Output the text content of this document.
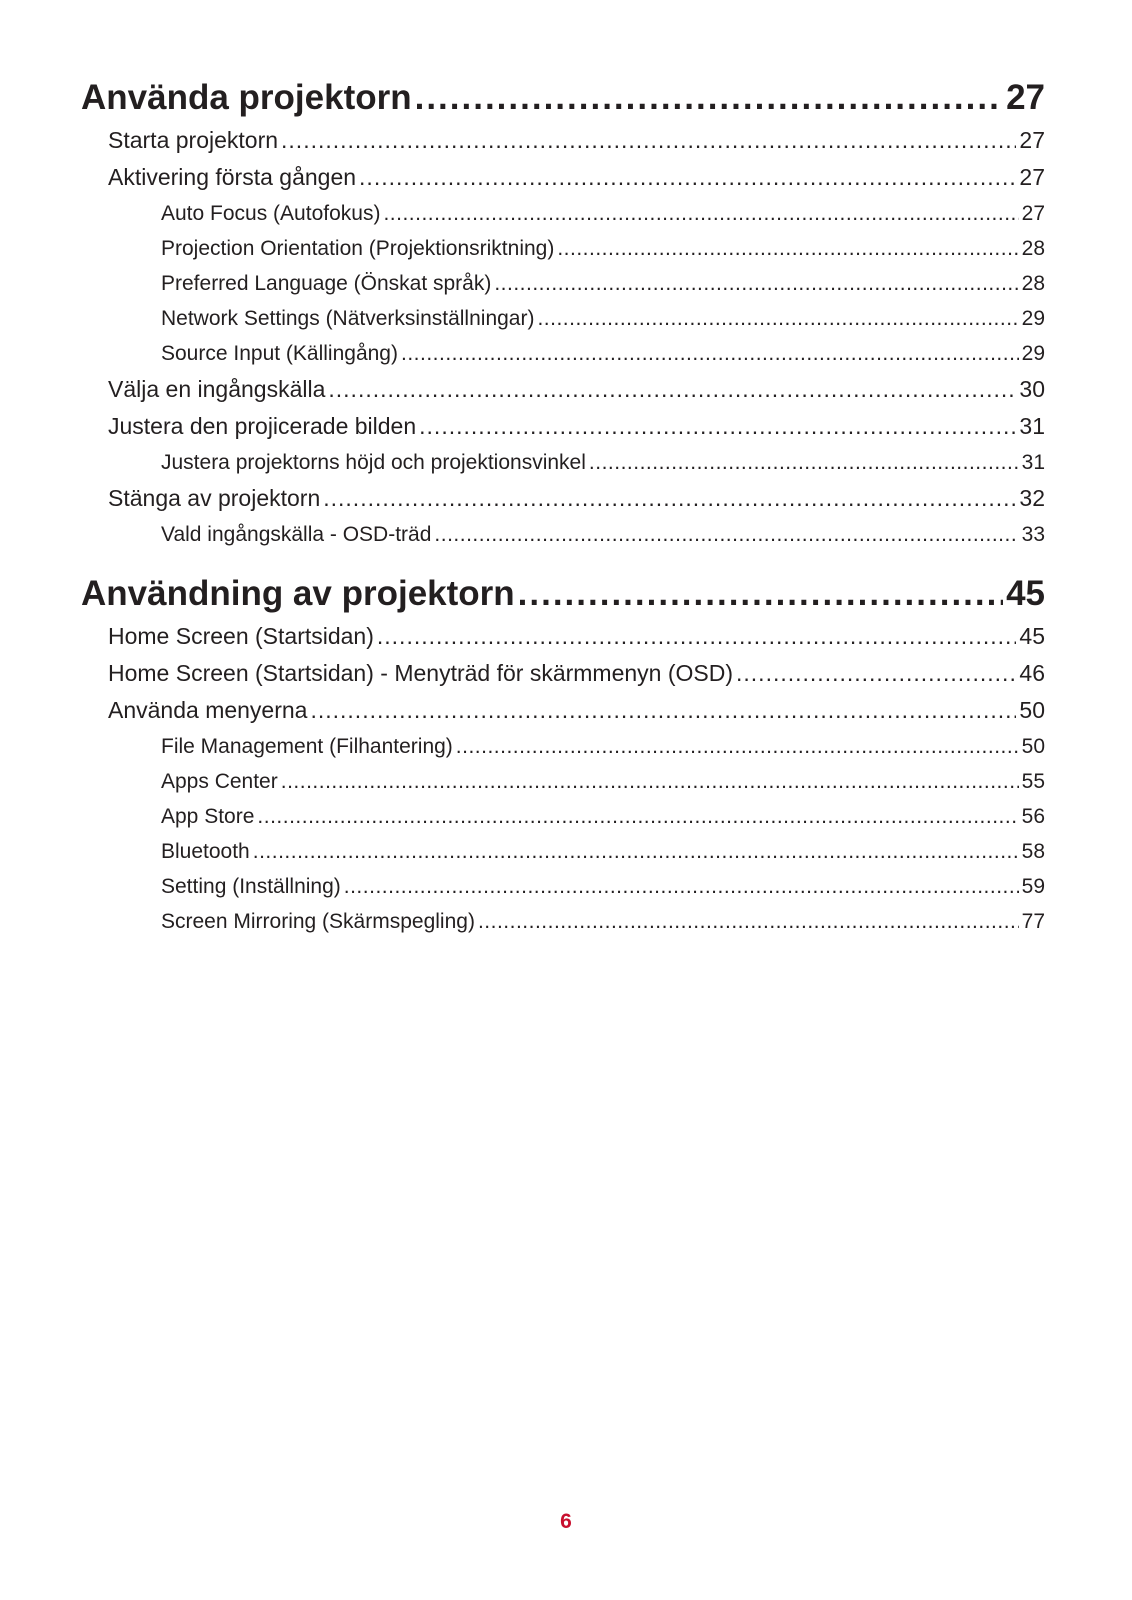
Använda projektorn .....	27
Starta projektorn .....	27
Aktivering första gången .....	27
Auto Focus (Autofokus) .....	27
Projection Orientation (Projektionsriktning) .....	28
Preferred Language (Önskat språk) .....	28
Network Settings (Nätverksinställningar) .....	29
Source Input (Källingång) .....	29
Välja en ingångskälla .....	30
Justera den projicerade bilden .....	31
Justera projektorns höjd och projektionsvinkel .....	31
Stänga av projektorn .....	32
Vald ingångskälla - OSD-träd .....	33
Användning av projektorn .....	45
Home Screen (Startsidan) .....	45
Home Screen (Startsidan) - Menyträd för skärmmenyn (OSD) .....	46
Använda menyerna .....	50
File Management (Filhantering) .....	50
Apps Center .....	55
App Store .....	56
Bluetooth .....	58
Setting (Inställning) .....	59
Screen Mirroring (Skärmspegling) .....	77
6
